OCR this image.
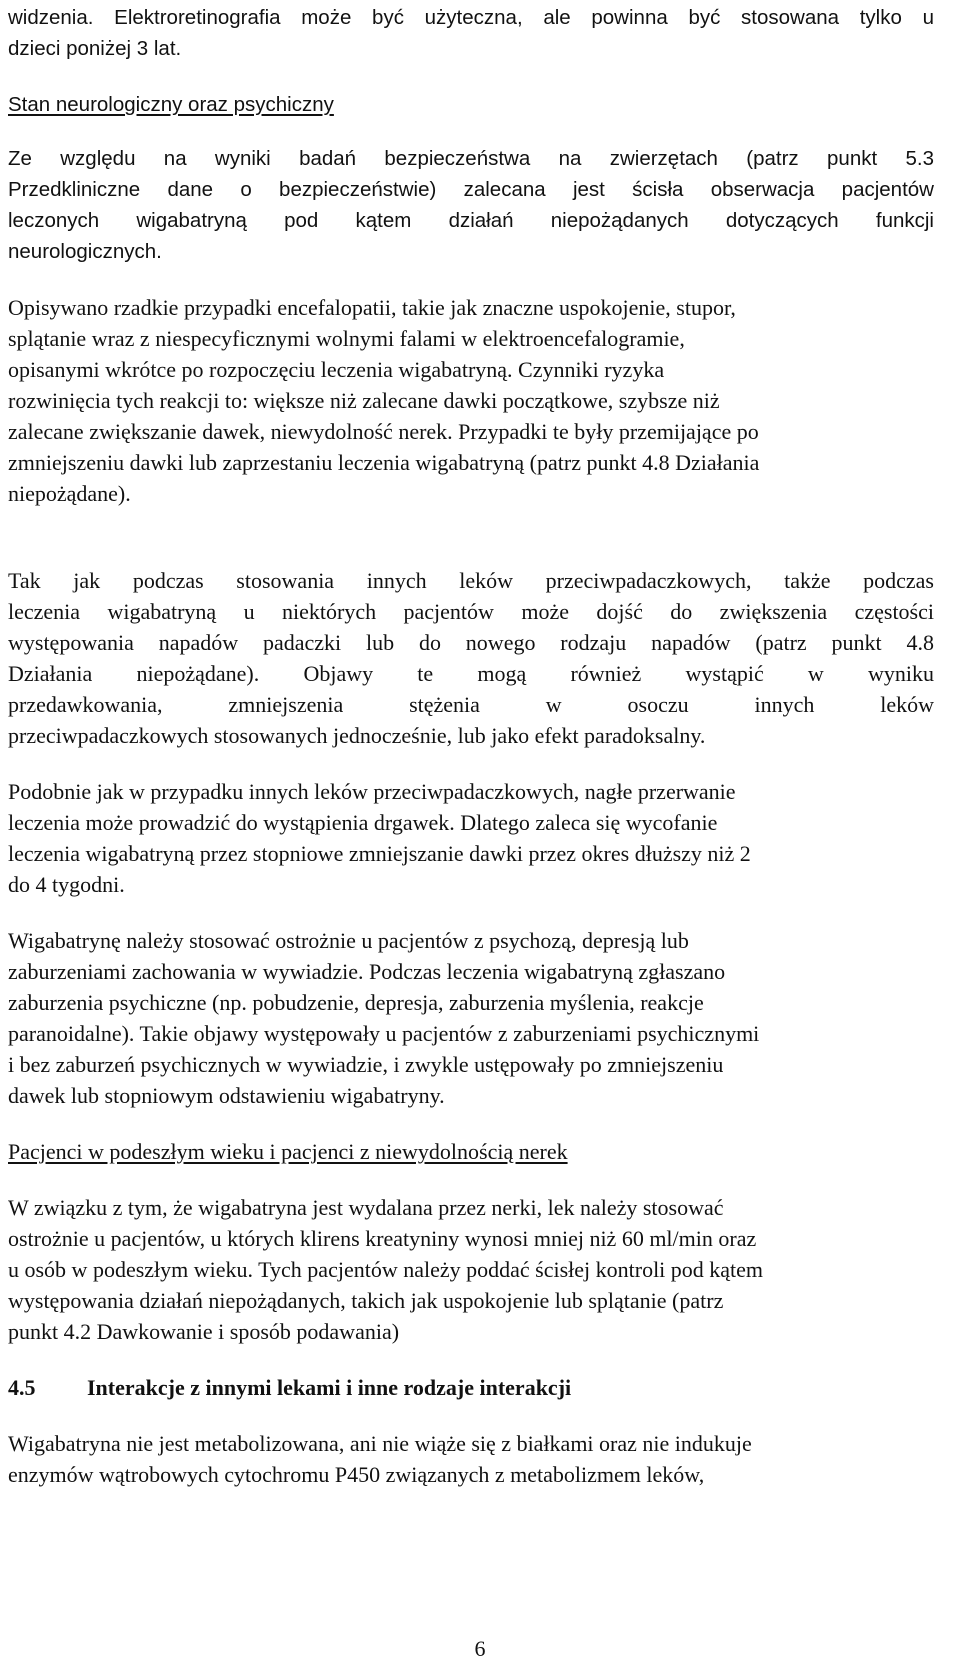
widzenia. Elektroretinografia może być użyteczna, ale powinna być stosowana tylko u
dzieci poniżej 3 lat.
Stan neurologiczny oraz psychiczny
Ze względu na wyniki badań bezpieczeństwa na zwierzętach (patrz punkt 5.3
Przedkliniczne dane o bezpieczeństwie) zalecana jest ścisła obserwacja pacjentów
leczonych wigabatryną pod kątem działań niepożądanych dotyczących funkcji
neurologicznych.
Opisywano rzadkie przypadki encefalopatii, takie jak znaczne uspokojenie, stupor,
splątanie wraz z niespecyficznymi wolnymi falami w elektroencefalogramie,
opisanymi wkrótce po rozpoczęciu leczenia wigabatryną. Czynniki ryzyka
rozwinięcia tych reakcji to: większe niż zalecane dawki początkowe, szybsze niż
zalecane zwiększanie dawek, niewydolność nerek. Przypadki te były przemijające po
zmniejszeniu dawki lub zaprzestaniu leczenia wigabatryną (patrz punkt 4.8 Działania
niepożądane).
Tak jak podczas stosowania innych leków przeciwpadaczkowych, także podczas
leczenia wigabatryną u niektórych pacjentów może dojść do zwiększenia częstości
występowania napadów padaczki lub do nowego rodzaju napadów (patrz punkt 4.8
Działania niepożądane). Objawy te mogą również wystąpić w wyniku
przedawkowania, zmniejszenia stężenia w osoczu innych leków
przeciwpadaczkowych stosowanych jednocześnie, lub jako efekt paradoksalny.
Podobnie jak w przypadku innych leków przeciwpadaczkowych, nagłe przerwanie
leczenia może prowadzić do wystąpienia drgawek. Dlatego zaleca się wycofanie
leczenia wigabatryną przez stopniowe zmniejszanie dawki przez okres dłuższy niż 2
do 4 tygodni.
Wigabatrynę należy stosować ostrożnie u pacjentów z psychozą, depresją lub
zaburzeniami zachowania w wywiadzie. Podczas leczenia wigabatryną zgłaszano
zaburzenia psychiczne (np. pobudzenie, depresja, zaburzenia myślenia, reakcje
paranoidalne). Takie objawy występowały u pacjentów z zaburzeniami psychicznymi
i bez zaburzeń psychicznych w wywiadzie, i zwykle ustępowały po zmniejszeniu
dawek lub stopniowym odstawieniu wigabatryny.
Pacjenci w podeszłym wieku i pacjenci z niewydolnością nerek
W związku z tym, że wigabatryna jest wydalana przez nerki, lek należy stosować
ostrożnie u pacjentów, u których klirens kreatyniny wynosi mniej niż 60 ml/min oraz
u osób w podeszłym wieku. Tych pacjentów należy poddać ścisłej kontroli pod kątem
występowania działań niepożądanych, takich jak uspokojenie lub splątanie (patrz
punkt 4.2 Dawkowanie i sposób podawania)
4.5 Interakcje z innymi lekami i inne rodzaje interakcji
Wigabatryna nie jest metabolizowana, ani nie wiąże się z białkami oraz nie indukuje
enzymów wątrobowych cytochromu P450 związanych z metabolizmem leków,
6
